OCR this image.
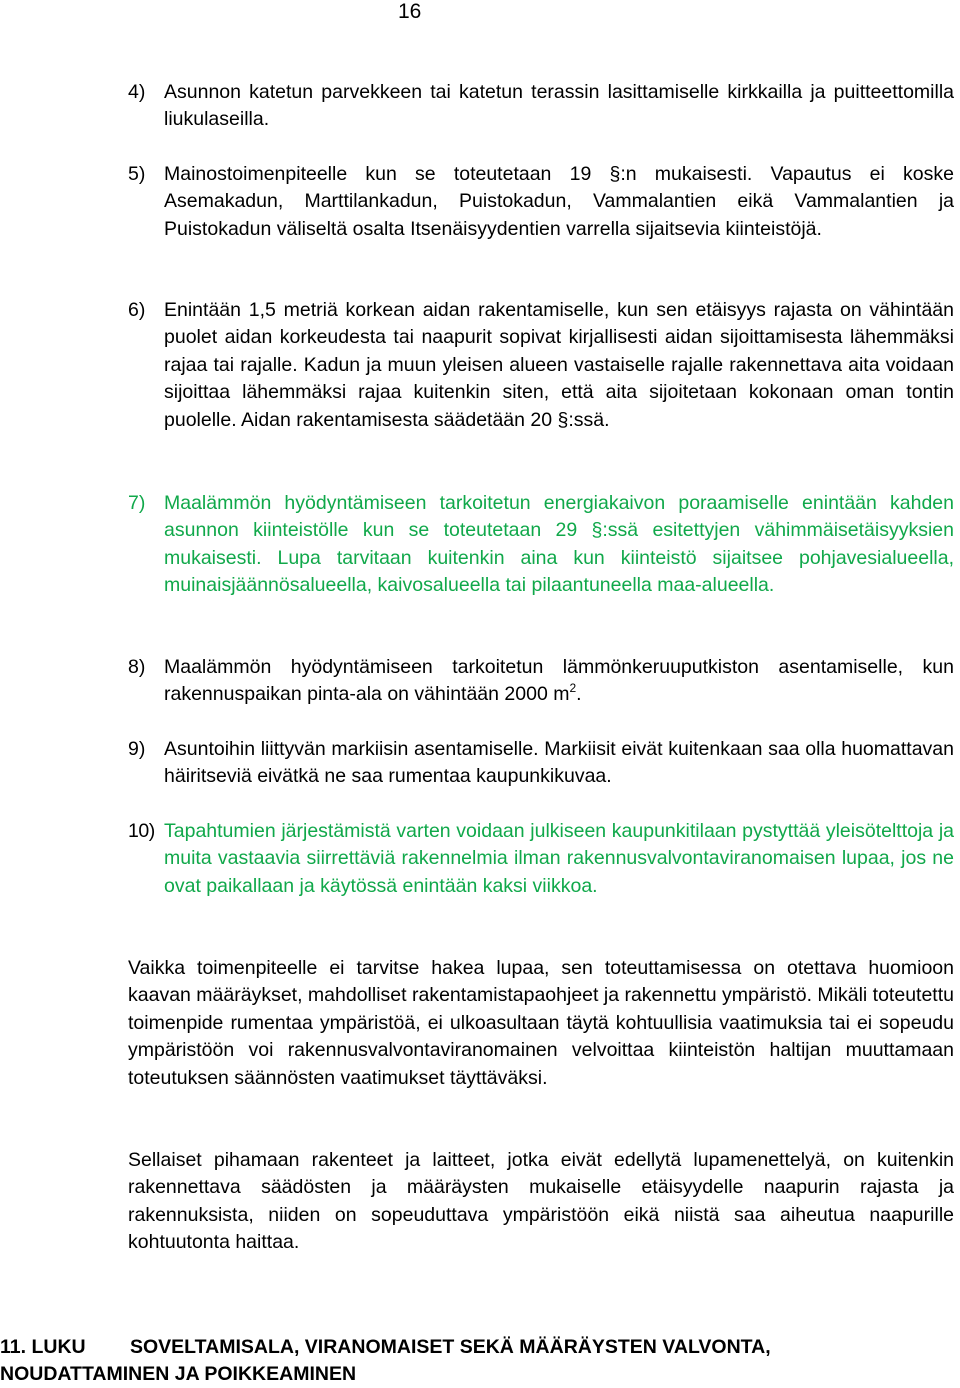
16
4) Asunnon katetun parvekkeen tai katetun terassin lasittamiselle kirkkailla ja puitteettomilla liukulaseilla.
5) Mainostoimenpiteelle kun se toteutetaan 19 §:n mukaisesti. Vapautus ei koske Asemakadun, Marttilankadun, Puistokadun, Vammalantien eikä Vammalantien ja Puistokadun väliseltä osalta Itsenäisyydentien varrella sijaitsevia kiinteistöjä.
6) Enintään 1,5 metriä korkean aidan rakentamiselle, kun sen etäisyys rajasta on vähintään puolet aidan korkeudesta tai naapurit sopivat kirjallisesti aidan sijoittamisesta lähemmäksi rajaa tai rajalle. Kadun ja muun yleisen alueen vastaiselle rajalle rakennettava aita voidaan sijoittaa lähemmäksi rajaa kuitenkin siten, että aita sijoitetaan kokonaan oman tontin puolelle. Aidan rakentamisesta säädetään 20 §:ssä.
7) Maalämmön hyödyntämiseen tarkoitetun energiakaivon poraamiselle enintään kahden asunnon kiinteistölle kun se toteutetaan 29 §:ssä esitettyjen vähimmäisetäisyyksien mukaisesti. Lupa tarvitaan kuitenkin aina kun kiinteistö sijaitsee pohjavesialueella, muinaisjäännösalueella, kaivosalueella tai pilaantuneella maa-alueella.
8) Maalämmön hyödyntämiseen tarkoitetun lämmönkeruuputkiston asentamiselle, kun rakennuspaikan pinta-ala on vähintään 2000 $m^2$.
9) Asuntoihin liittyvän markiisin asentamiselle. Markiisit eivät kuitenkaan saa olla huomattavan häiritseviä eivätkä ne saa rumentaa kaupunkikuvaa.
10) Tapahtumien järjestämistä varten voidaan julkiseen kaupunkitilaan pystyttää yleisötelttoja ja muita vastaavia siirrettäviä rakennelmia ilman rakennusvalvontaviranomaisen lupaa, jos ne ovat paikallaan ja käytössä enintään kaksi viikkoa.
Vaikka toimenpiteelle ei tarvitse hakea lupaa, sen toteuttamisessa on otettava huomioon kaavan määräykset, mahdolliset rakentamistapaohjeet ja rakennettu ympäristö. Mikäli toteutettu toimenpide rumentaa ympäristöä, ei ulkoasultaan täytä kohtuullisia vaatimuksia tai ei sopeudu ympäristöön voi rakennusvalvontaviranomainen velvoittaa kiinteistön haltijan muuttamaan toteutuksen säännösten vaatimukset täyttäväksi.
Sellaiset pihamaan rakenteet ja laitteet, jotka eivät edellytä lupamenettelyä, on kuitenkin rakennettava säädösten ja määräysten mukaiselle etäisyydelle naapurin rajasta ja rakennuksista, niiden on sopeuduttava ympäristöön eikä niistä saa aiheutua naapurille kohtuutonta haittaa.
11. LUKU SOVELTAMISALA, VIRANOMAISET SEKÄ MÄÄRÄYSTEN VALVONTA,
NOUDATTAMINEN JA POIKKEAMINEN
